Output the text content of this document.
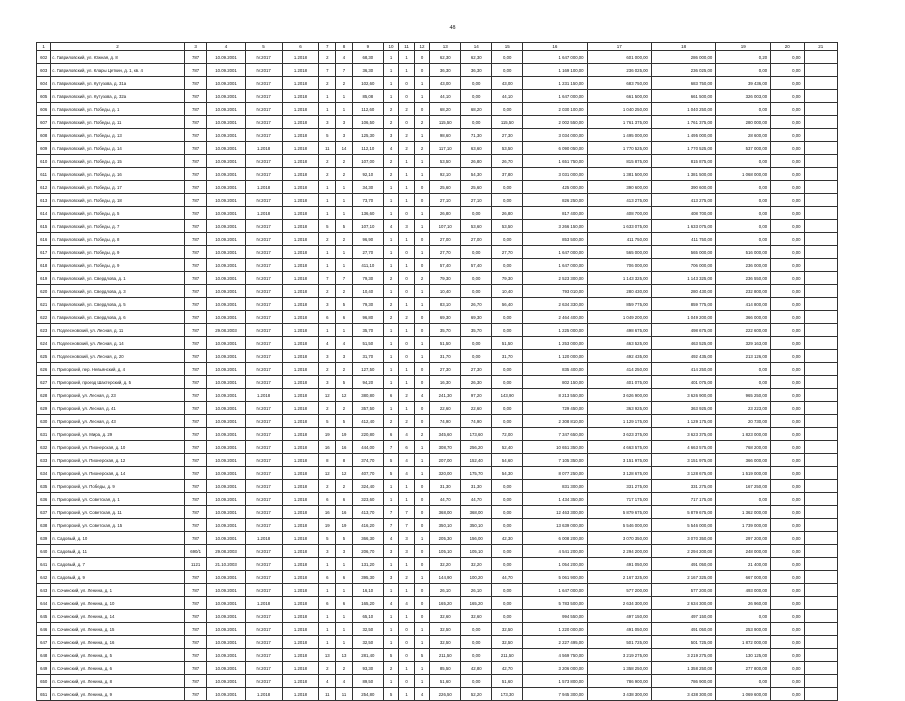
48
1	2	3	4	5	6	7	8	9	10	11	12	13	14	15	16	17	18	19	20	21
602	с. Гавриловский, ул. Южная, д. 8	787	10.09.2001	IV.2017	1.2018	2	4	68,30	1	1	0	62,30	62,30	0,00	1 647 000,00	601 000,00	286 000,00	0,20	0,00	
603	с. Гавриловский, ул. Клары Цеткин, д. 1, кв. 4	787	10.09.2001	IV.2017	1.2018	7	7	36,30	1	1	0	36,30	36,30	0,00	1 169 100,00	236 025,00	236 025,00	0,00	0,00	
604	п. Гавриловский, ул. Кутузова, д. 31а	787	10.09.2001	IV.2017	1.2018	2	2	102,60	1	0	1	43,00	0,00	43,00	1 231 150,00	683 750,00	683 750,00	39 436,00	0,00	
605	п. Гавриловский, ул. Кутузова, д. 32а	787	10.09.2001	IV.2017	1.2018	1	1	85,08	1	0	1	44,10	0,00	44,10	1 647 000,00	661 500,00	661 500,00	326 003,00	0,00	
606	п. Гавриловский, ул. Победы, д. 1	787	10.09.2001	IV.2017	1.2018	1	1	112,60	2	2	0	68,20	68,20	0,00	2 030 100,00	1 040 250,00	1 040 250,00	0,00	0,00	
607	п. Гавриловский, ул. Победы, д. 11	787	10.09.2001	IV.2017	1.2018	3	3	106,50	2	0	2	115,50	0,00	115,50	2 002 550,00	1 761 375,00	1 761 375,00	280 000,00	0,00	
608	п. Гавриловский, ул. Победы, д. 13	787	10.09.2001	IV.2017	1.2018	5	3	125,30	3	2	1	98,60	71,30	27,30	3 034 000,00	1 495 000,00	1 495 000,00	28 600,00	0,00	
609	п. Гавриловский, ул. Победы, д. 14	787	10.09.2001	1.2018	1.2018	11	14	112,10	4	2	2	117,10	63,60	53,50	6 090 050,00	1 770 525,00	1 770 525,00	537 000,00	0,00	
610	п. Гавриловский, ул. Победы, д. 15	787	10.09.2001	IV.2017	1.2018	2	2	107,00	2	1	1	53,50	26,80	26,70	1 651 750,00	815 875,00	815 875,00	0,00	0,00	
611	п. Гавриловский, ул. Победы, д. 16	787	10.09.2001	IV.2017	1.2018	2	2	92,10	2	1	1	92,10	54,30	37,80	3 031 000,00	1 381 500,00	1 381 500,00	1 068 000,00	0,00	
612	п. Гавриловский, ул. Победы, д. 17	787	10.09.2001	1.2018	1.2018	1	1	34,30	1	1	0	25,60	25,60	0,00	425 000,00	390 600,00	390 600,00	0,00	0,00	
613	п. Гавриловский, ул. Победы, д. 18	787	10.09.2001	IV.2017	1.2018	1	1	73,70	1	1	0	27,10	27,10	0,00	826 250,00	413 275,00	413 275,00	0,00	0,00	
614	п. Гавриловский, ул. Победы, д. 5	787	10.09.2001	1.2018	1.2018	1	1	136,60	1	0	1	26,80	0,00	26,80	817 400,00	408 700,00	408 700,00	0,00	0,00	
615	п. Гавриловский, ул. Победы, д. 7	787	10.09.2001	IV.2017	1.2018	5	5	107,10	4	3	1	107,10	53,60	53,50	3 266 150,00	1 633 075,00	1 633 075,00	0,00	0,00	
616	п. Гавриловский, ул. Победы, д. 8	787	10.09.2001	IV.2017	1.2018	2	2	96,90	1	1	0	27,00	27,00	0,00	853 500,00	411 750,00	411 750,00	0,00	0,00	
617	п. Гавриловский, ул. Победы, д. 9	787	10.09.2001	IV.2017	1.2018	1	1	27,70	1	0	1	27,70	0,00	27,70	1 647 000,00	565 000,00	565 000,00	516 000,00	0,00	
618	п. Гавриловский, ул. Победы, д. 9	787	10.09.2001	IV.2017	1.2018	1	1	411,10	1	1	0	57,40	57,40	0,00	1 647 000,00	706 000,00	706 000,00	236 000,00	0,00	
619	п. Гавриловский, ул. Свердлова, д. 1	787	10.09.2001	IV.2017	1.2018	7	7	79,30	2	0	2	79,30	0,00	79,30	2 523 300,00	1 143 325,00	1 143 325,00	236 550,00	0,00	
620	п. Гавриловский, ул. Свердлова, д. 3	787	10.09.2001	IV.2017	1.2018	2	2	10,40	1	0	1	10,40	0,00	10,40	793 010,00	280 430,00	280 430,00	232 800,00	0,00	
621	п. Гавриловский, ул. Свердлова, д. 5	787	10.09.2001	IV.2017	1.2018	3	5	79,30	2	1	1	83,10	26,70	56,40	2 634 330,00	859 775,00	859 775,00	414 800,00	0,00	
622	п. Гавриловский, ул. Свердлова, д. 6	787	10.09.2001	IV.2017	1.2018	6	6	96,80	2	2	0	69,30	69,30	0,00	2 464 400,00	1 049 200,00	1 049 200,00	366 000,00	0,00	
623	п. Подлесновский, ул. Лесная, д. 11	787	29.08.2003	IV.2017	1.2018	1	1	35,70	1	1	0	35,70	35,70	0,00	1 225 000,00	498 675,00	498 675,00	222 600,00	0,00	
624	п. Подлесновский, ул. Лесная, д. 14	787	10.09.2001	IV.2017	1.2018	4	4	51,50	1	0	1	51,50	0,00	51,50	1 253 000,00	463 525,00	463 525,00	329 163,00	0,00	
625	п. Подлесновский, ул. Лесная, д. 20	787	10.09.2001	IV.2017	1.2018	3	3	31,70	1	0	1	31,70	0,00	31,70	1 120 000,00	492 435,00	492 435,00	213 126,00	0,00	
626	п. Пригорский, пер. Невьянский, д. 4	787	10.09.2001	IV.2017	1.2018	2	2	127,50	1	1	0	27,30	27,30	0,00	835 400,00	414 250,00	414 250,00	0,00	0,00	
627	п. Пригорский, проезд Шахтерский, д. 5	787	10.09.2001	IV.2017	1.2018	3	5	94,20	1	1	0	16,30	26,30	0,00	802 150,00	401 075,00	401 075,00	0,00	0,00	
628	п. Пригорский, ул. Лесная, д. 23	787	10.09.2001	1.2018	1.2018	12	12	380,80	6	2	4	241,30	97,20	143,90	8 213 550,00	3 626 900,00	3 626 900,00	965 250,00	0,00	
629	п. Пригорский, ул. Лесная, д. 41	787	10.09.2001	IV.2017	1.2018	2	2	357,50	1	1	0	22,60	22,60	0,00	729 450,00	363 925,00	363 925,00	23 223,00	0,00	
630	п. Пригорский, ул. Лесная, д. 43	787	10.09.2001	IV.2017	1.2018	5	5	412,40	2	2	0	74,90	74,90	0,00	2 308 810,00	1 129 175,00	1 129 175,00	20 730,00	0,00	
631	п. Пригорский, ул. Мира, д. 29	787	10.09.2001	IV.2017	1.2018	19	19	220,80	6	4	2	345,60	173,60	72,00	7 347 650,00	3 623 375,00	3 623 375,00	1 823 000,00	0,00	
632	п. Пригорский, ул. Пионерская, д. 10	787	10.09.2001	IV.2017	1.2018	16	16	444,00	7	6	1	308,70	256,20	52,40	10 651 350,00	4 663 575,00	4 663 575,00	768 200,00	0,00	
633	п. Пригорский, ул. Пионерская, д. 12	787	10.09.2001	IV.2017	1.2018	8	8	374,70	5	4	1	207,00	152,40	54,60	7 105 350,00	3 151 975,00	3 151 975,00	366 000,00	0,00	
634	п. Пригорский, ул. Пионерская, д. 14	787	10.09.2001	IV.2017	1.2018	12	12	407,70	5	4	1	320,00	175,70	54,30	8 077 250,00	3 128 675,00	3 128 675,00	1 519 000,00	0,00	
635	п. Пригорский, ул. Победы, д. 9	787	10.09.2001	IV.2017	1.2018	2	2	324,40	1	1	0	31,30	31,30	0,00	831 300,00	331 275,00	331 275,00	167 250,00	0,00	
636	п. Пригорский, ул. Советская, д. 1	787	10.09.2001	IV.2017	1.2018	6	6	323,60	1	1	0	44,70	44,70	0,00	1 434 350,00	717 175,00	717 175,00	0,00	0,00	
637	п. Пригорский, ул. Советская, д. 11	787	10.09.2001	IV.2017	1.2018	16	16	413,70	7	7	0	368,00	368,00	0,00	12 463 300,00	5 879 675,00	5 879 675,00	1 362 000,00	0,00	
638	п. Пригорский, ул. Советская, д. 15	787	10.09.2001	IV.2017	1.2018	19	19	416,20	7	7	0	350,10	350,10	0,00	13 639 000,00	5 546 000,00	5 546 000,00	1 739 000,00	0,00	
639	п. Садовый, д. 10	787	10.09.2001	1.2018	1.2018	5	5	366,30	4	3	1	205,30	156,00	42,30	6 008 200,00	3 070 350,00	3 070 350,00	297 200,00	0,00	
640	п. Садовый, д. 11	690/1	29.08.2003	IV.2017	1.2018	3	3	206,70	3	3	0	105,10	105,10	0,00	4 541 200,00	2 294 200,00	2 294 200,00	248 000,00	0,00	
641	п. Садовый, д. 7	1121	21.10.2003	IV.2017	1.2018	1	1	131,20	1	1	0	32,20	32,20	0,00	1 054 200,00	491 050,00	491 050,00	21 400,00	0,00	
642	п. Садовый, д. 9	787	10.09.2001	IV.2017	1.2018	6	6	395,30	3	2	1	144,90	100,20	44,70	5 061 900,00	2 167 325,00	2 167 325,00	667 000,00	0,00	
643	п. Сочинский, ул. Ленина, д. 1	787	10.09.2001	IV.2017	1.2018	1	1	16,10	1	1	0	26,10	26,10	0,00	1 647 000,00	577 200,00	577 200,00	493 000,00	0,00	
644	п. Сочинский, ул. Ленина, д. 10	787	10.09.2001	1.2018	1.2018	6	6	165,20	4	4	0	165,20	165,20	0,00	5 783 500,00	2 634 300,00	2 634 300,00	26 960,00	0,00	
645	п. Сочинский, ул. Ленина, д. 14	787	10.09.2001	IV.2017	1.2018	1	1	65,10	1	1	0	32,60	32,60	0,00	994 550,00	497 150,00	497 150,00	0,00	0,00	
646	п. Сочинский, ул. Ленина, д. 15	787	10.09.2001	IV.2017	1.2018	1	1	32,50	1	0	1	32,50	0,00	32,50	1 220 000,00	491 050,00	491 050,00	253 900,00	0,00	
647	п. Сочинский, ул. Ленина, д. 16	787	10.09.2001	IV.2017	1.2018	1	1	32,50	1	0	1	32,50	0,00	32,50	2 227 495,00	501 725,00	501 725,00	1 872 000,00	0,00	
648	п. Сочинский, ул. Ленина, д. 5	787	10.09.2001	IV.2017	1.2018	13	13	281,40	5	0	5	211,50	0,00	211,50	4 569 750,00	3 219 275,00	3 219 275,00	130 125,00	0,00	
649	п. Сочинский, ул. Ленина, д. 6	787	10.09.2001	IV.2017	1.2018	2	2	93,30	2	1	1	85,50	42,80	42,70	3 206 000,00	1 358 250,00	1 358 250,00	277 800,00	0,00	
650	п. Сочинский, ул. Ленина, д. 8	787	10.09.2001	IV.2017	1.2018	4	4	89,50	1	0	1	51,60	0,00	51,60	1 573 800,00	786 900,00	786 900,00	0,00	0,00	
651	п. Сочинский, ул. Ленина, д. 9	787	10.09.2001	1.2018	1.2018	11	11	254,80	5	1	4	226,50	52,20	173,30	7 945 300,00	3 438 300,00	3 438 300,00	1 069 600,00	0,00	
